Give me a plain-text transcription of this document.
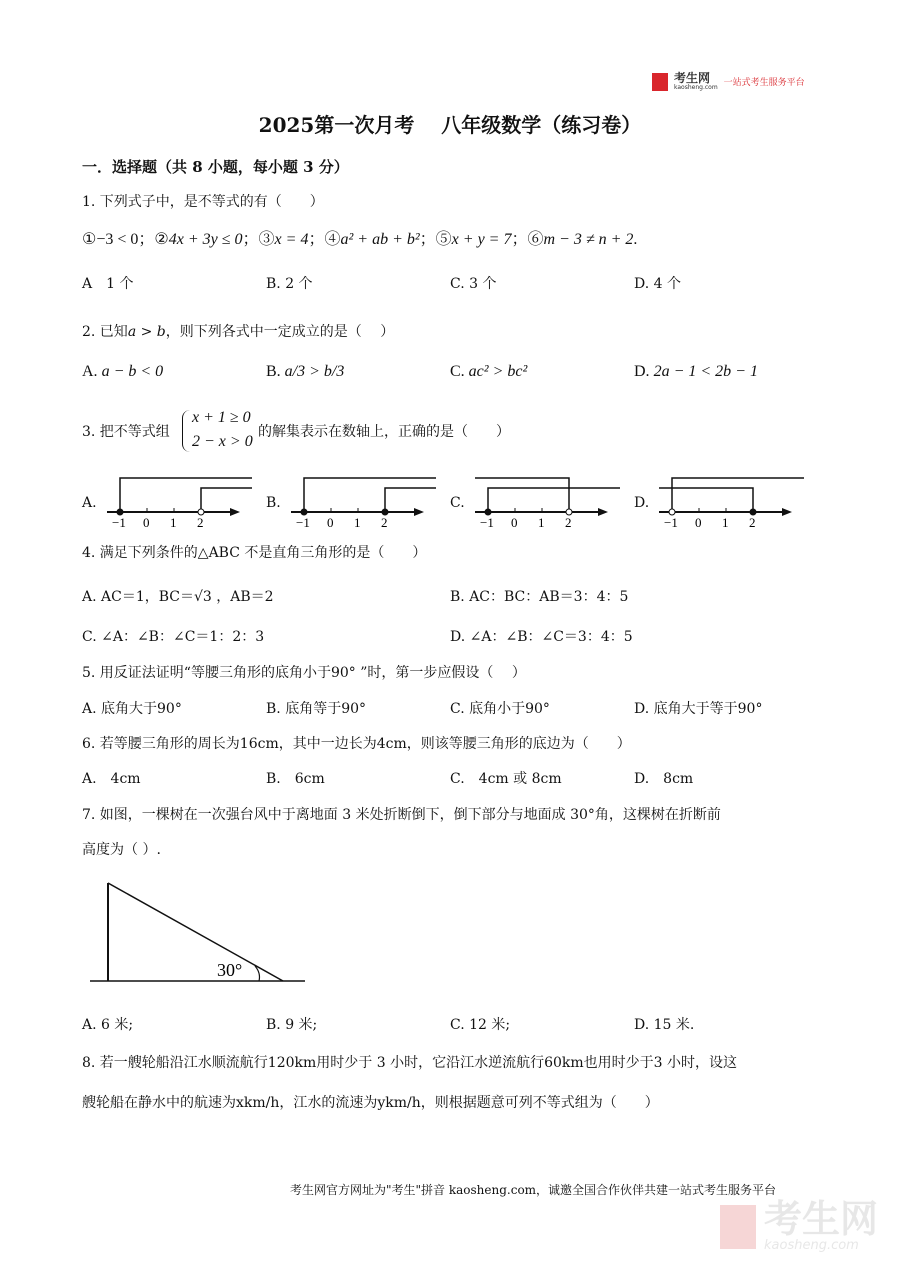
考生网
kaosheng.com 一站式考生服务平台
2025第一次月考　 八年级数学（练习卷）
一．选择题（共 8 小题，每小题 3 分）
1. 下列式子中，是不等式的有（　　）
①−3 < 0；②4x + 3y ≤ 0；③x = 4；④a² + ab + b²；⑤x + y = 7；⑥m − 3 ≠ n + 2.
A　1 个	B. 2 个	C. 3 个	D. 4 个
2. 已知a > b，则下列各式中一定成立的是（　 ）
A. a − b < 0	B. a/3 > b/3	C. ac² > bc²	D. 2a − 1 < 2b − 1
3. 把不等式组
x + 1 ≥ 0
2 − x > 0
的解集表示在数轴上，正确的是（　　）
A.
−1 0 1 2
B.
−1 0 1 2
C.
−1 0 1 2
D.
−1 0 1 2
4. 满足下列条件的△ABC 不是直角三角形的是（　　）
A. AC＝1，BC＝√3 ，AB＝2	B. AC：BC：AB＝3：4：5
C. ∠A：∠B：∠C＝1：2：3	D. ∠A：∠B：∠C＝3：4：5
5. 用反证法证明“等腰三角形的底角小于90° ”时，第一步应假设（　 ）
A. 底角大于90°	B. 底角等于90°	C. 底角小于90°	D. 底角大于等于90°
6. 若等腰三角形的周长为16cm，其中一边长为4cm，则该等腰三角形的底边为（　　）
A.　4cm	B.　6cm	C.　4cm 或 8cm	D.　8cm
7. 如图，一棵树在一次强台风中于离地面 3 米处折断倒下，倒下部分与地面成 30°角，这棵树在折断前
高度为（ ）.
30°
A. 6 米;	B. 9 米;	C. 12 米;	D. 15 米.
8. 若一艘轮船沿江水顺流航行120km用时少于 3 小时，它沿江水逆流航行60km也用时少于3 小时，设这
艘轮船在静水中的航速为xkm/h，江水的流速为ykm/h，则根据题意可列不等式组为（　　）
考生网官方网址为"考生"拼音 kaosheng.com，诚邀全国合作伙伴共建一站式考生服务平台
考生网
kaosheng.com
